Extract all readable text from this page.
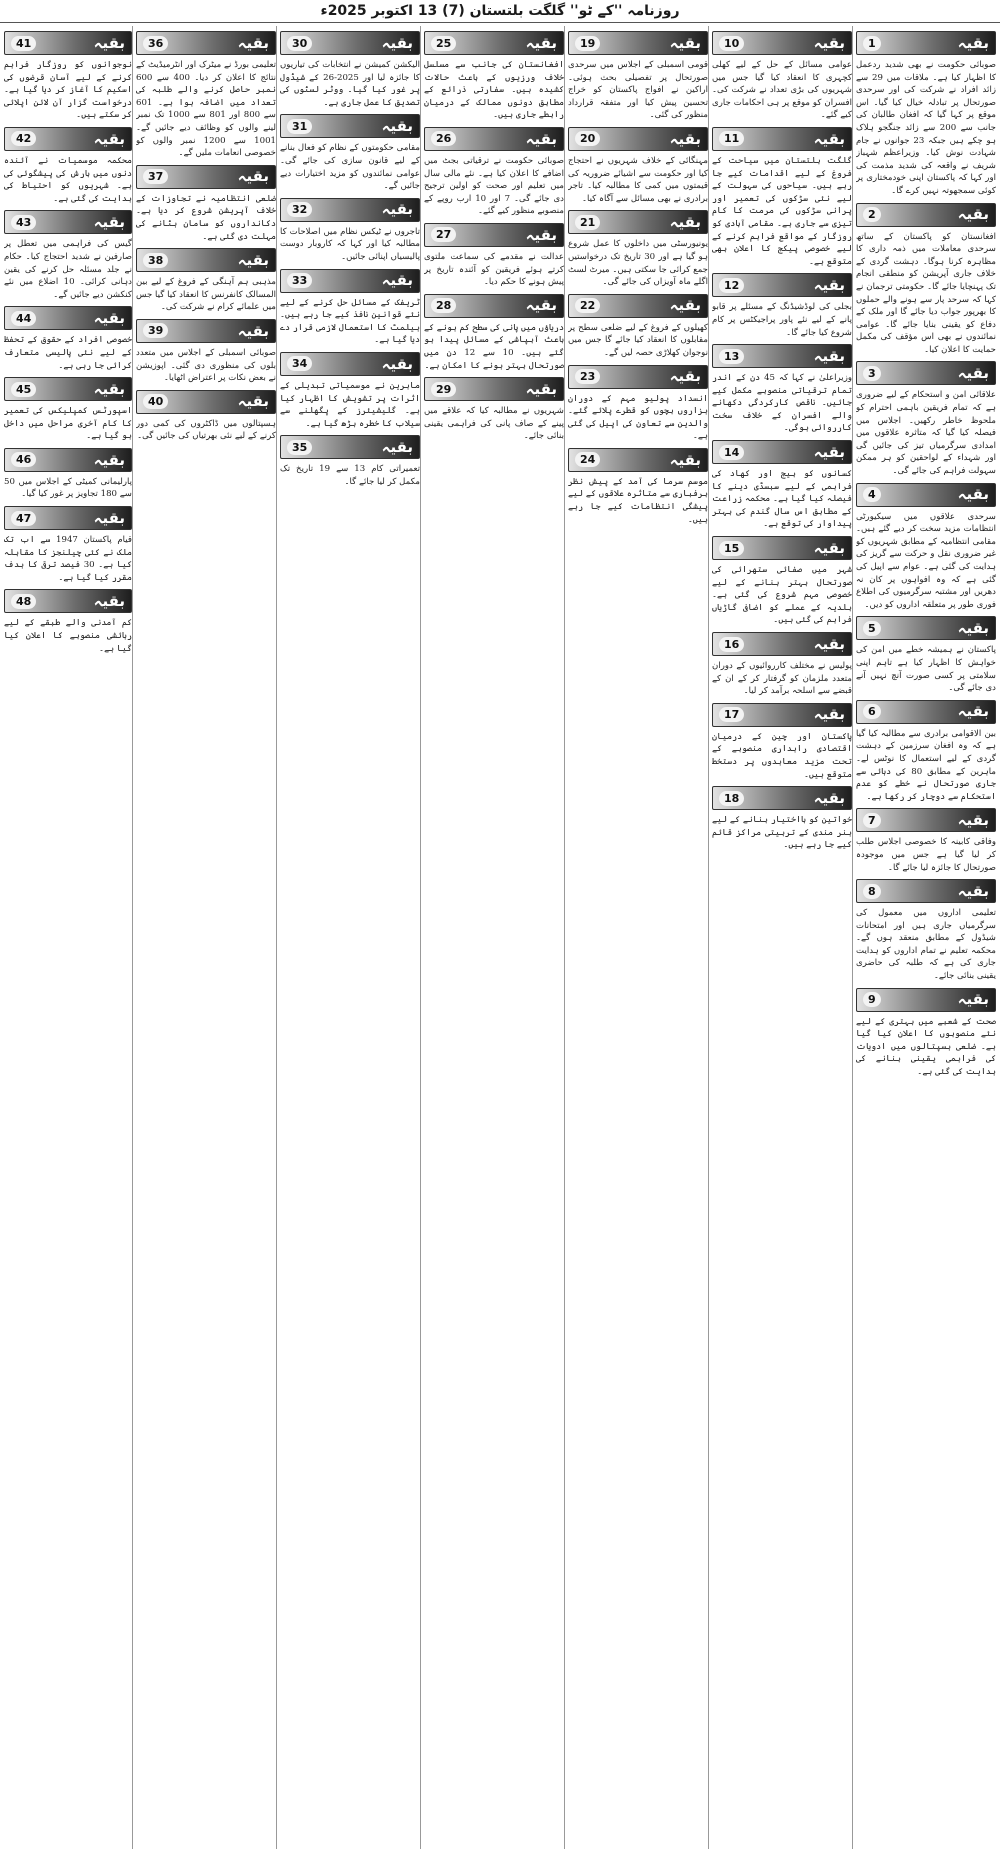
روزنامہ ''کے ٹو'' گلگت بلتستان (7) 13 اکتوبر 2025ء
1	بقیہ

صوبائی حکومت نے بھی شدید ردعمل کا اظہار کیا ہے۔ ملاقات میں 29 سے زائد افراد نے شرکت کی اور سرحدی صورتحال پر تبادلہ خیال کیا گیا۔ اس موقع پر کہا گیا کہ افغان طالبان کی جانب سے 200 سے زائد جنگجو ہلاک ہو چکے ہیں جبکہ 23 جوانوں نے جام شہادت نوش کیا۔ وزیراعظم شہباز شریف نے واقعہ کی شدید مذمت کی اور کہا کہ پاکستان اپنی خودمختاری پر کوئی سمجھوتہ نہیں کرے گا۔

2	بقیہ

افغانستان کو پاکستان کے ساتھ سرحدی معاملات میں ذمہ داری کا مظاہرہ کرنا ہوگا۔ دہشت گردی کے خلاف جاری آپریشن کو منطقی انجام تک پہنچایا جائے گا۔ حکومتی ترجمان نے کہا کہ سرحد پار سے ہونے والے حملوں کا بھرپور جواب دیا جائے گا اور ملک کے دفاع کو یقینی بنایا جائے گا۔ عوامی نمائندوں نے بھی اس مؤقف کی مکمل حمایت کا اعلان کیا۔

3	بقیہ

علاقائی امن و استحکام کے لیے ضروری ہے کہ تمام فریقین باہمی احترام کو ملحوظ خاطر رکھیں۔ اجلاس میں فیصلہ کیا گیا کہ متاثرہ علاقوں میں امدادی سرگرمیاں تیز کی جائیں گی اور شہداء کے لواحقین کو ہر ممکن سہولت فراہم کی جائے گی۔

4	بقیہ

سرحدی علاقوں میں سیکیورٹی انتظامات مزید سخت کر دیے گئے ہیں۔ مقامی انتظامیہ کے مطابق شہریوں کو غیر ضروری نقل و حرکت سے گریز کی ہدایت کی گئی ہے۔ عوام سے اپیل کی گئی ہے کہ وہ افواہوں پر کان نہ دھریں اور مشتبہ سرگرمیوں کی اطلاع فوری طور پر متعلقہ اداروں کو دیں۔

5	بقیہ

پاکستان نے ہمیشہ خطے میں امن کی خواہش کا اظہار کیا ہے تاہم اپنی سلامتی پر کسی صورت آنچ نہیں آنے دی جائے گی۔

6	بقیہ

بین الاقوامی برادری سے مطالبہ کیا گیا ہے کہ وہ افغان سرزمین کے دہشت گردی کے لیے استعمال کا نوٹس لے۔ ماہرین کے مطابق 80 کی دہائی سے جاری صورتحال نے خطے کو عدم استحکام سے دوچار کر رکھا ہے۔

7	بقیہ

وفاقی کابینہ کا خصوصی اجلاس طلب کر لیا گیا ہے جس میں موجودہ صورتحال کا جائزہ لیا جائے گا۔

8	بقیہ

تعلیمی اداروں میں معمول کی سرگرمیاں جاری ہیں اور امتحانات شیڈول کے مطابق منعقد ہوں گے۔ محکمہ تعلیم نے تمام اداروں کو ہدایت جاری کی ہے کہ طلبہ کی حاضری یقینی بنائی جائے۔

9	بقیہ

صحت کے شعبے میں بہتری کے لیے نئے منصوبوں کا اعلان کیا گیا ہے۔ ضلعی ہسپتالوں میں ادویات کی فراہمی یقینی بنانے کی ہدایت کی گئی ہے۔

10	بقیہ

عوامی مسائل کے حل کے لیے کھلی کچہری کا انعقاد کیا گیا جس میں شہریوں کی بڑی تعداد نے شرکت کی۔ افسران کو موقع پر ہی احکامات جاری کیے گئے۔

11	بقیہ

گلگت بلتستان میں سیاحت کے فروغ کے لیے اقدامات کیے جا رہے ہیں۔ سیاحوں کی سہولت کے لیے نئی سڑکوں کی تعمیر اور پرانی سڑکوں کی مرمت کا کام تیزی سے جاری ہے۔ مقامی آبادی کو روزگار کے مواقع فراہم کرنے کے لیے خصوصی پیکج کا اعلان بھی متوقع ہے۔

12	بقیہ

بجلی کی لوڈشیڈنگ کے مسئلے پر قابو پانے کے لیے نئے پاور پراجیکٹس پر کام شروع کیا جائے گا۔

13	بقیہ

وزیراعلیٰ نے کہا کہ 45 دن کے اندر تمام ترقیاتی منصوبے مکمل کیے جائیں۔ ناقص کارکردگی دکھانے والے افسران کے خلاف سخت کارروائی ہوگی۔

14	بقیہ

کسانوں کو بیج اور کھاد کی فراہمی کے لیے سبسڈی دینے کا فیصلہ کیا گیا ہے۔ محکمہ زراعت کے مطابق اس سال گندم کی بہتر پیداوار کی توقع ہے۔

15	بقیہ

شہر میں صفائی ستھرائی کی صورتحال بہتر بنانے کے لیے خصوصی مہم شروع کی گئی ہے۔ بلدیہ کے عملے کو اضافی گاڑیاں فراہم کی گئی ہیں۔

16	بقیہ

پولیس نے مختلف کارروائیوں کے دوران متعدد ملزمان کو گرفتار کر کے ان کے قبضے سے اسلحہ برآمد کر لیا۔

17	بقیہ

پاکستان اور چین کے درمیان اقتصادی راہداری منصوبے کے تحت مزید معاہدوں پر دستخط متوقع ہیں۔

18	بقیہ

خواتین کو بااختیار بنانے کے لیے ہنر مندی کے تربیتی مراکز قائم کیے جا رہے ہیں۔

19	بقیہ

قومی اسمبلی کے اجلاس میں سرحدی صورتحال پر تفصیلی بحث ہوئی۔ اراکین نے افواج پاکستان کو خراج تحسین پیش کیا اور متفقہ قرارداد منظور کی گئی۔

20	بقیہ

مہنگائی کے خلاف شہریوں نے احتجاج کیا اور حکومت سے اشیائے ضروریہ کی قیمتوں میں کمی کا مطالبہ کیا۔ تاجر برادری نے بھی مسائل سے آگاہ کیا۔

21	بقیہ

یونیورسٹی میں داخلوں کا عمل شروع ہو گیا ہے اور 30 تاریخ تک درخواستیں جمع کرائی جا سکتی ہیں۔ میرٹ لسٹ اگلے ماہ آویزاں کی جائے گی۔

22	بقیہ

کھیلوں کے فروغ کے لیے ضلعی سطح پر مقابلوں کا انعقاد کیا جائے گا جس میں نوجوان کھلاڑی حصہ لیں گے۔

23	بقیہ

انسداد پولیو مہم کے دوران ہزاروں بچوں کو قطرے پلائے گئے۔ والدین سے تعاون کی اپیل کی گئی ہے۔

24	بقیہ

موسم سرما کی آمد کے پیش نظر برفباری سے متاثرہ علاقوں کے لیے پیشگی انتظامات کیے جا رہے ہیں۔

25	بقیہ

افغانستان کی جانب سے مسلسل خلاف ورزیوں کے باعث حالات کشیدہ ہیں۔ سفارتی ذرائع کے مطابق دونوں ممالک کے درمیان رابطے جاری ہیں۔

26	بقیہ

صوبائی حکومت نے ترقیاتی بجٹ میں اضافے کا اعلان کیا ہے۔ نئے مالی سال میں تعلیم اور صحت کو اولین ترجیح دی جائے گی۔ 7 اور 10 ارب روپے کے منصوبے منظور کیے گئے۔

27	بقیہ

عدالت نے مقدمے کی سماعت ملتوی کرتے ہوئے فریقین کو آئندہ تاریخ پر پیش ہونے کا حکم دیا۔

28	بقیہ

دریاؤں میں پانی کی سطح کم ہونے کے باعث آبپاشی کے مسائل پیدا ہو گئے ہیں۔ 10 سے 12 دن میں صورتحال بہتر ہونے کا امکان ہے۔

29	بقیہ

شہریوں نے مطالبہ کیا کہ علاقے میں پینے کے صاف پانی کی فراہمی یقینی بنائی جائے۔

30	بقیہ

الیکشن کمیشن نے انتخابات کی تیاریوں کا جائزہ لیا اور 2025-26 کے شیڈول پر غور کیا گیا۔ ووٹر لسٹوں کی تصدیق کا عمل جاری ہے۔

31	بقیہ

مقامی حکومتوں کے نظام کو فعال بنانے کے لیے قانون سازی کی جائے گی۔ عوامی نمائندوں کو مزید اختیارات دیے جائیں گے۔

32	بقیہ

تاجروں نے ٹیکس نظام میں اصلاحات کا مطالبہ کیا اور کہا کہ کاروبار دوست پالیسیاں اپنائی جائیں۔

33	بقیہ

ٹریفک کے مسائل حل کرنے کے لیے نئے قوانین نافذ کیے جا رہے ہیں۔ ہیلمٹ کا استعمال لازمی قرار دے دیا گیا ہے۔

34	بقیہ

ماہرین نے موسمیاتی تبدیلی کے اثرات پر تشویش کا اظہار کیا ہے۔ گلیشیئرز کے پگھلنے سے سیلاب کا خطرہ بڑھ گیا ہے۔

35	بقیہ

تعمیراتی کام 13 سے 19 تاریخ تک مکمل کر لیا جائے گا۔

36	بقیہ

تعلیمی بورڈ نے میٹرک اور انٹرمیڈیٹ کے نتائج کا اعلان کر دیا۔ 400 سے 600 نمبر حاصل کرنے والے طلبہ کی تعداد میں اضافہ ہوا ہے۔ 601 سے 800 اور 801 سے 1000 تک نمبر لینے والوں کو وظائف دیے جائیں گے۔ 1001 سے 1200 نمبر والوں کو خصوصی انعامات ملیں گے۔

37	بقیہ

ضلعی انتظامیہ نے تجاوزات کے خلاف آپریشن شروع کر دیا ہے۔ دکانداروں کو سامان ہٹانے کی مہلت دی گئی ہے۔

38	بقیہ

مذہبی ہم آہنگی کے فروغ کے لیے بین المسالک کانفرنس کا انعقاد کیا گیا جس میں علمائے کرام نے شرکت کی۔

39	بقیہ

صوبائی اسمبلی کے اجلاس میں متعدد بلوں کی منظوری دی گئی۔ اپوزیشن نے بعض نکات پر اعتراض اٹھایا۔

40	بقیہ

ہسپتالوں میں ڈاکٹروں کی کمی دور کرنے کے لیے نئی بھرتیاں کی جائیں گی۔

41	بقیہ

نوجوانوں کو روزگار فراہم کرنے کے لیے آسان قرضوں کی اسکیم کا آغاز کر دیا گیا ہے۔ درخواست گزار آن لائن اپلائی کر سکتے ہیں۔

42	بقیہ

محکمہ موسمیات نے آئندہ دنوں میں بارش کی پیشگوئی کی ہے۔ شہریوں کو احتیاط کی ہدایت کی گئی ہے۔

43	بقیہ

گیس کی فراہمی میں تعطل پر صارفین نے شدید احتجاج کیا۔ حکام نے جلد مسئلہ حل کرنے کی یقین دہانی کرائی۔ 10 اضلاع میں نئے کنکشن دیے جائیں گے۔

44	بقیہ

خصوصی افراد کے حقوق کے تحفظ کے لیے نئی پالیسی متعارف کرائی جا رہی ہے۔

45	بقیہ

اسپورٹس کمپلیکس کی تعمیر کا کام آخری مراحل میں داخل ہو گیا ہے۔

46	بقیہ

پارلیمانی کمیٹی کے اجلاس میں 50 سے 180 تجاویز پر غور کیا گیا۔

47	بقیہ

قیام پاکستان 1947 سے اب تک ملک نے کئی چیلنجز کا مقابلہ کیا ہے۔ 30 فیصد ترقی کا ہدف مقرر کیا گیا ہے۔

48	بقیہ

کم آمدنی والے طبقے کے لیے رہائشی منصوبے کا اعلان کیا گیا ہے۔
